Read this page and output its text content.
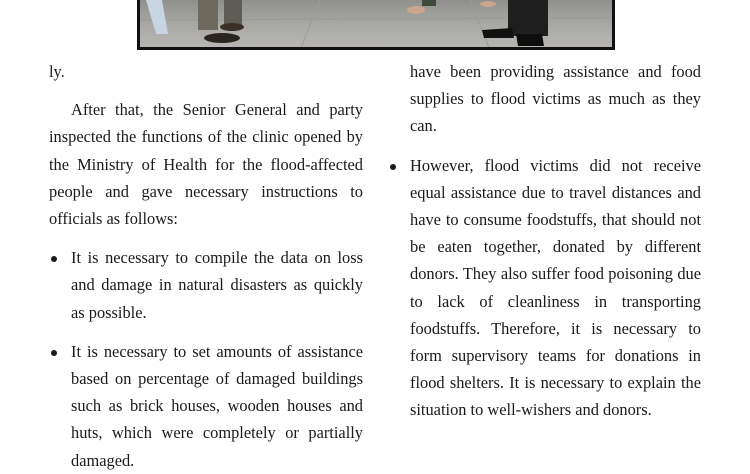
ly.

After that, the Senior General and party inspected the functions of the clinic opened by the Ministry of Health for the flood-affected people and gave necessary instructions to officials as follows:

It is necessary to compile the data on loss and damage in natural disasters as quickly as possible.
It is necessary to set amounts of assistance based on percentage of damaged buildings such as brick houses, wooden houses and huts, which were completely or partially damaged.

have been providing assistance and food supplies to flood victims as much as they can.

However, flood victims did not receive equal assistance due to travel distances and have to consume foodstuffs, that should not be eaten together, donated by different donors. They also suffer food poisoning due to lack of cleanliness in transporting foodstuffs. Therefore, it is necessary to form supervisory teams for donations in flood shelters. It is necessary to explain the situation to well-wishers and donors.
